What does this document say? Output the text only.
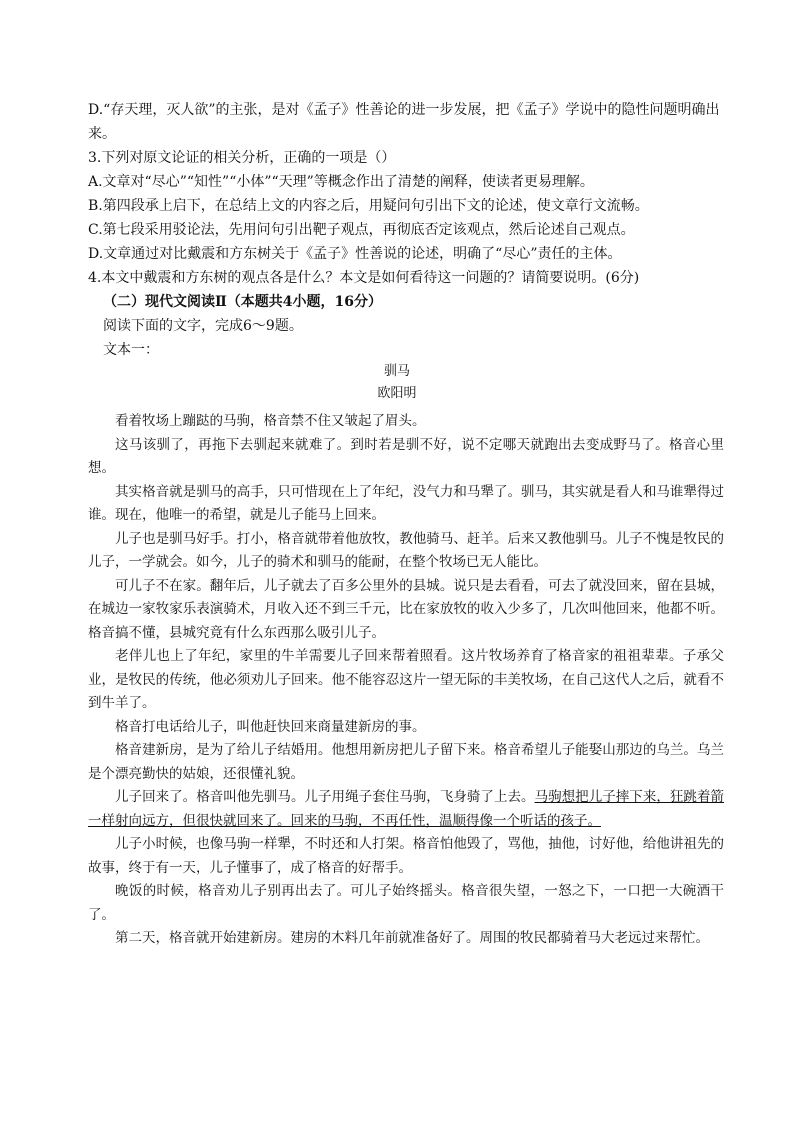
D.“存天理，灭人欲”的主张，是对《孟子》性善论的进一步发展，把《孟子》学说中的隐性问题明确出来。

3.下列对原文论证的相关分析，正确的一项是（）

A.文章对“尽心”“知性”“小体”“天理”等概念作出了清楚的阐释，使读者更易理解。

B.第四段承上启下，在总结上文的内容之后，用疑问句引出下文的论述，使文章行文流畅。

C.第七段采用驳论法，先用问句引出靶子观点，再彻底否定该观点，然后论述自己观点。

D.文章通过对比戴震和方东树关于《孟子》性善说的论述，明确了“尽心”责任的主体。

4.本文中戴震和方东树的观点各是什么？本文是如何看待这一问题的？请简要说明。(6分)

（二）现代文阅读Ⅱ（本题共4小题，16分）
阅读下面的文字，完成6～9题。
文本一：
驯马
欧阳明

看着牧场上蹦跶的马驹，格音禁不住又皱起了眉头。

这马该驯了，再拖下去驯起来就难了。到时若是驯不好，说不定哪天就跑出去变成野马了。格音心里想。

其实格音就是驯马的高手，只可惜现在上了年纪，没气力和马犟了。驯马，其实就是看人和马谁犟得过谁。现在，他唯一的希望，就是儿子能马上回来。

儿子也是驯马好手。打小，格音就带着他放牧，教他骑马、赶羊。后来又教他驯马。儿子不愧是牧民的儿子，一学就会。如今，儿子的骑术和驯马的能耐，在整个牧场已无人能比。

可儿子不在家。翻年后，儿子就去了百多公里外的县城。说只是去看看，可去了就没回来，留在县城，在城边一家牧家乐表演骑术，月收入还不到三千元，比在家放牧的收入少多了，几次叫他回来，他都不听。格音搞不懂，县城究竟有什么东西那么吸引儿子。

老伴儿也上了年纪，家里的牛羊需要儿子回来帮着照看。这片牧场养育了格音家的祖祖辈辈。子承父业，是牧民的传统，他必须劝儿子回来。他不能容忍这片一望无际的丰美牧场，在自己这代人之后，就看不到牛羊了。

格音打电话给儿子，叫他赶快回来商量建新房的事。

格音建新房，是为了给儿子结婚用。他想用新房把儿子留下来。格音希望儿子能娶山那边的乌兰。乌兰是个漂亮勤快的姑娘，还很懂礼貌。

儿子回来了。格音叫他先驯马。儿子用绳子套住马驹，飞身骑了上去。马驹想把儿子摔下来，狂跳着箭一样射向远方，但很快就回来了。回来的马驹，不再任性，温顺得像一个听话的孩子。

儿子小时候，也像马驹一样犟，不时还和人打架。格音怕他毁了，骂他，抽他，讨好他，给他讲祖先的故事，终于有一天，儿子懂事了，成了格音的好帮手。

晚饭的时候，格音劝儿子别再出去了。可儿子始终摇头。格音很失望，一怒之下，一口把一大碗酒干了。

第二天，格音就开始建新房。建房的木料几年前就准备好了。周围的牧民都骑着马大老远过来帮忙。
